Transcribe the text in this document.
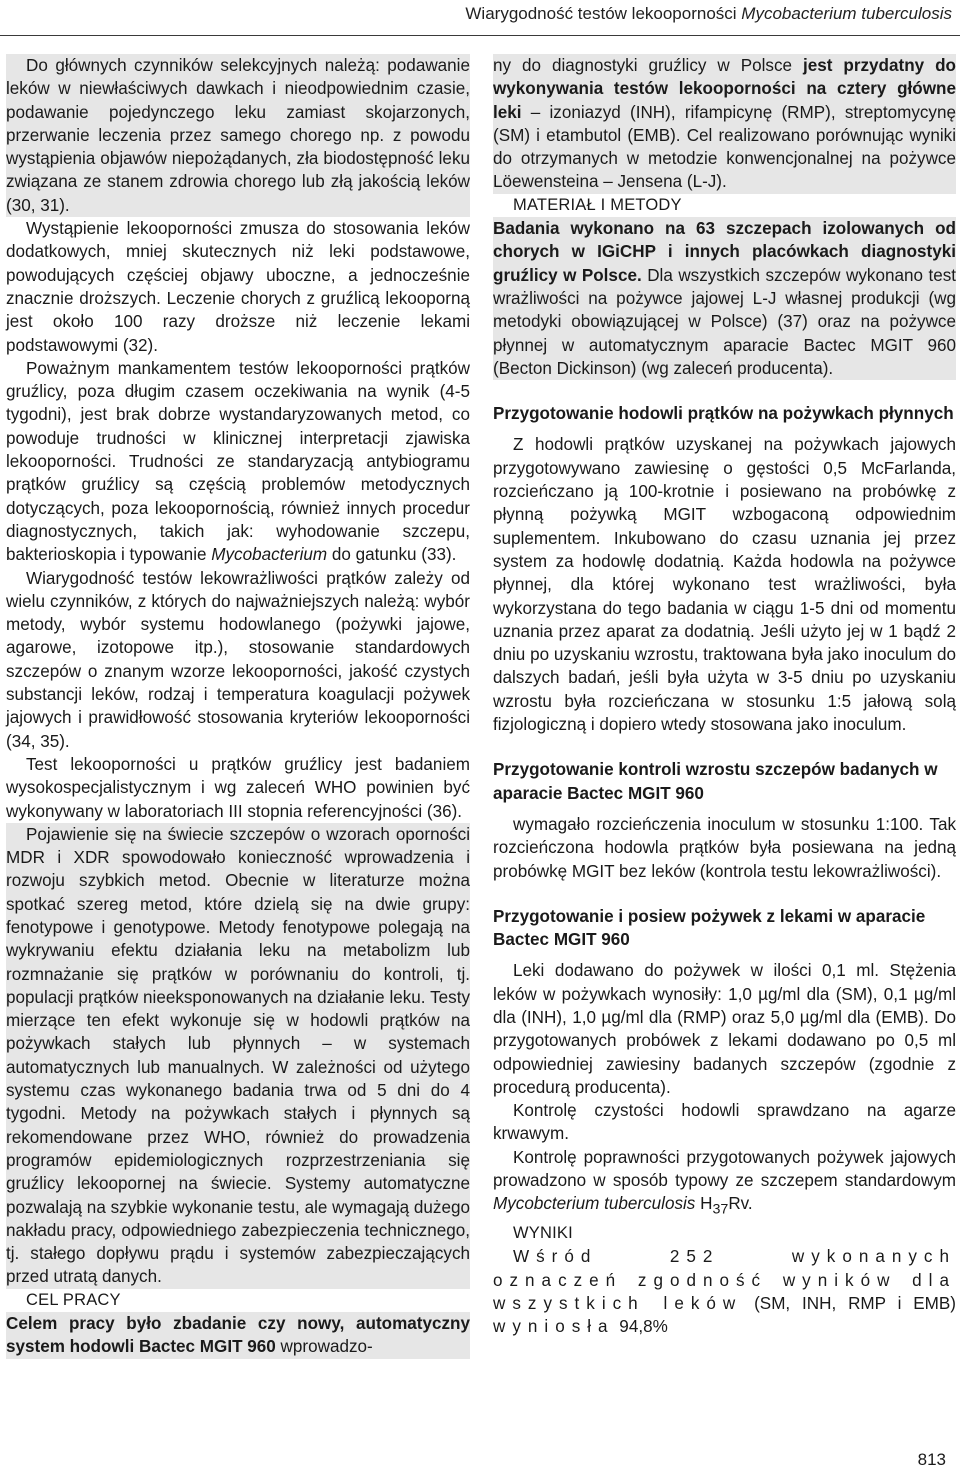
Wiarygodność testów lekooporności Mycobacterium tuberculosis

Do głównych czynników selekcyjnych należą: podawanie leków w niewłaściwych dawkach i nieodpowiednim czasie, podawanie pojedynczego leku zamiast skojarzonych, przerwanie leczenia przez samego chorego np. z powodu wystąpienia objawów niepożądanych, zła biodostępność leku związana ze stanem zdrowia chorego lub złą jakością leków (30, 31).

Wystąpienie lekooporności zmusza do stosowania leków dodatkowych, mniej skutecznych niż leki podstawowe, powodujących częściej objawy uboczne, a jednocześnie znacznie droższych. Leczenie chorych z gruźlicą lekooporną jest około 100 razy droższe niż leczenie lekami podstawowymi (32).

Poważnym mankamentem testów lekooporności prątków gruźlicy, poza długim czasem oczekiwania na wynik (4-5 tygodni), jest brak dobrze wystandaryzowanych metod, co powoduje trudności w klinicznej interpretacji zjawiska lekooporności. Trudności ze standaryzacją antybiogramu prątków gruźlicy są częścią problemów metodycznych dotyczących, poza lekoopornością, również innych procedur diagnostycznych, takich jak: wyhodowanie szczepu, bakterioskopia i typowanie Mycobacterium do gatunku (33).

Wiarygodność testów lekowrażliwości prątków zależy od wielu czynników, z których do najważniejszych należą: wybór metody, wybór systemu hodowlanego (pożywki jajowe, agarowe, izotopowe itp.), stosowanie standardowych szczepów o znanym wzorze lekooporności, jakość czystych substancji leków, rodzaj i temperatura koagulacji pożywek jajowych i prawidłowość stosowania kryteriów lekooporności (34, 35).

Test lekooporności u prątków gruźlicy jest badaniem wysokospecjalistycznym i wg zaleceń WHO powinien być wykonywany w laboratoriach III stopnia referencyjności (36).

Pojawienie się na świecie szczepów o wzorach oporności MDR i XDR spowodowało konieczność wprowadzenia i rozwoju szybkich metod. Obecnie w literaturze można spotkać szereg metod, które dzielą się na dwie grupy: fenotypowe i genotypowe. Metody fenotypowe polegają na wykrywaniu efektu działania leku na metabolizm lub rozmnażanie się prątków w porównaniu do kontroli, tj. populacji prątków nieeksponowanych na działanie leku. Testy mierzące ten efekt wykonuje się w hodowli prątków na pożywkach stałych lub płynnych – w systemach automatycznych lub manualnych. W zależności od użytego systemu czas wykonanego badania trwa od 5 dni do 4 tygodni. Metody na pożywkach stałych i płynnych są rekomendowane przez WHO, również do prowadzenia programów epidemiologicznych rozprzestrzeniania się gruźlicy lekoopornej na świecie. Systemy automatyczne pozwalają na szybkie wykonanie testu, ale wymagają dużego nakładu pracy, odpowiedniego zabezpieczenia technicznego, tj. stałego dopływu prądu i systemów zabezpieczających przed utratą danych.

CEL PRACY

Celem pracy było zbadanie czy nowy, automatyczny system hodowli Bactec MGIT 960 wprowadzo-

ny do diagnostyki gruźlicy w Polsce jest przydatny do wykonywania testów lekooporności na cztery główne leki – izoniazyd (INH), rifampicynę (RMP), streptomycynę (SM) i etambutol (EMB). Cel realizowano porównując wyniki do otrzymanych w metodzie konwencjonalnej na pożywce Löewensteina – Jensena (L-J).

MATERIAŁ I METODY

Badania wykonano na 63 szczepach izolowanych od chorych w IGiCHP i innych placówkach diagnostyki gruźlicy w Polsce. Dla wszystkich szczepów wykonano test wrażliwości na pożywce jajowej L-J własnej produkcji (wg metodyki obowiązującej w Polsce) (37) oraz na pożywce płynnej w automatycznym aparacie Bactec MGIT 960 (Becton Dickinson) (wg zaleceń producenta).

Przygotowanie hodowli prątków na pożywkach płynnych

Z hodowli prątków uzyskanej na pożywkach jajowych przygotowywano zawiesinę o gęstości 0,5 McFarlanda, rozcieńczano ją 100-krotnie i posiewano na probówkę z płynną pożywką MGIT wzbogaconą odpowiednim suplementem. Inkubowano do czasu uznania jej przez system za hodowlę dodatnią. Każda hodowla na pożywce płynnej, dla której wykonano test wrażliwości, była wykorzystana do tego badania w ciągu 1-5 dni od momentu uznania przez aparat za dodatnią. Jeśli użyto jej w 1 bądź 2 dniu po uzyskaniu wzrostu, traktowana była jako inoculum do dalszych badań, jeśli była użyta w 3-5 dniu po uzyskaniu wzrostu była rozcieńczana w stosunku 1:5 jałową solą fizjologiczną i dopiero wtedy stosowana jako inoculum.

Przygotowanie kontroli wzrostu szczepów badanych w aparacie Bactec MGIT 960

wymagało rozcieńczenia inoculum w stosunku 1:100. Tak rozcieńczona hodowla prątków była posiewana na jedną probówkę MGIT bez leków (kontrola testu lekowrażliwości).

Przygotowanie i posiew pożywek z lekami w aparacie Bactec MGIT 960

Leki dodawano do pożywek w ilości 0,1 ml. Stężenia leków w pożywkach wynosiły: 1,0 µg/ml dla (SM), 0,1 µg/ml dla (INH), 1,0 µg/ml dla (RMP) oraz 5,0 µg/ml dla (EMB). Do przygotowanych probówek z lekami dodawano po 0,5 ml odpowiedniej zawiesiny badanych szczepów (zgodnie z procedurą producenta).

Kontrolę czystości hodowli sprawdzano na agarze krwawym.

Kontrolę poprawności przygotowanych pożywek jajowych prowadzono w sposób typowy ze szczepem standardowym Mycobcterium tuberculosis $H_{37}Rv$.

WYNIKI

Wśród 252 wykonanych oznaczeń zgodność wyników dla wszystkich leków (SM, INH, RMP i EMB) wyniosła 94,8%

813
